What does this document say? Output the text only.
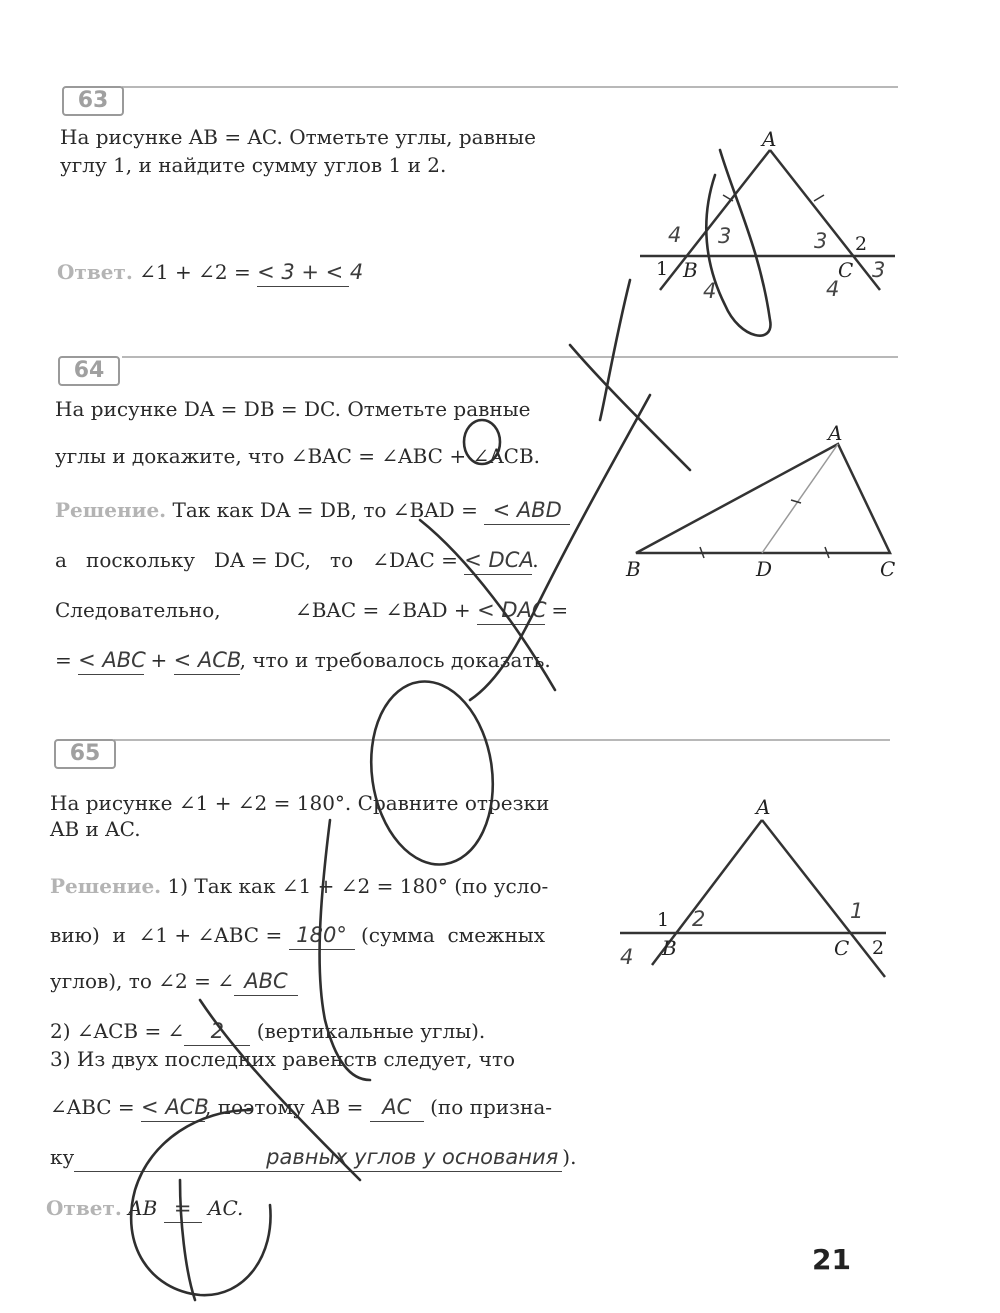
63
64
65
На рисунке AB = AC. Отметьте углы, равные
углу 1, и найдите сумму углов 1 и 2.
Ответ. ∠1 + ∠2 = < 3 + < 4
На рисунке DA = DB = DC. Отметьте равные
углы и докажите, что ∠BAC = ∠ABC + ∠ACB.
Решение. Так как DA = DB, то ∠BAD = < ABD
а   поскольку   DA = DC,   то   ∠DAC = < DCA.
Следовательно,	∠BAC = ∠BAD + < DAC =
= < ABC + < ACB, что и требовалось доказать.
На рисунке ∠1 + ∠2 = 180°. Сравните отрезки
AB и AC.
Решение. 1) Так как ∠1 + ∠2 = 180° (по усло-
вию)  и  ∠1 + ∠ABC = 180° (сумма  смежных
углов), то ∠2 = ∠ ABC
2) ∠ACB = ∠ 2 (вертикальные углы).
3) Из двух последних равенств следует, что
∠ABC = < ACB, поэтому AB = AC (по призна-
ку	равных углов у основания ).
Ответ. AB = AC.
21
A
B	C
1
2
4 3	3
4
3
4
A
B	D	C
A
B	C
1
2
2	1
4
